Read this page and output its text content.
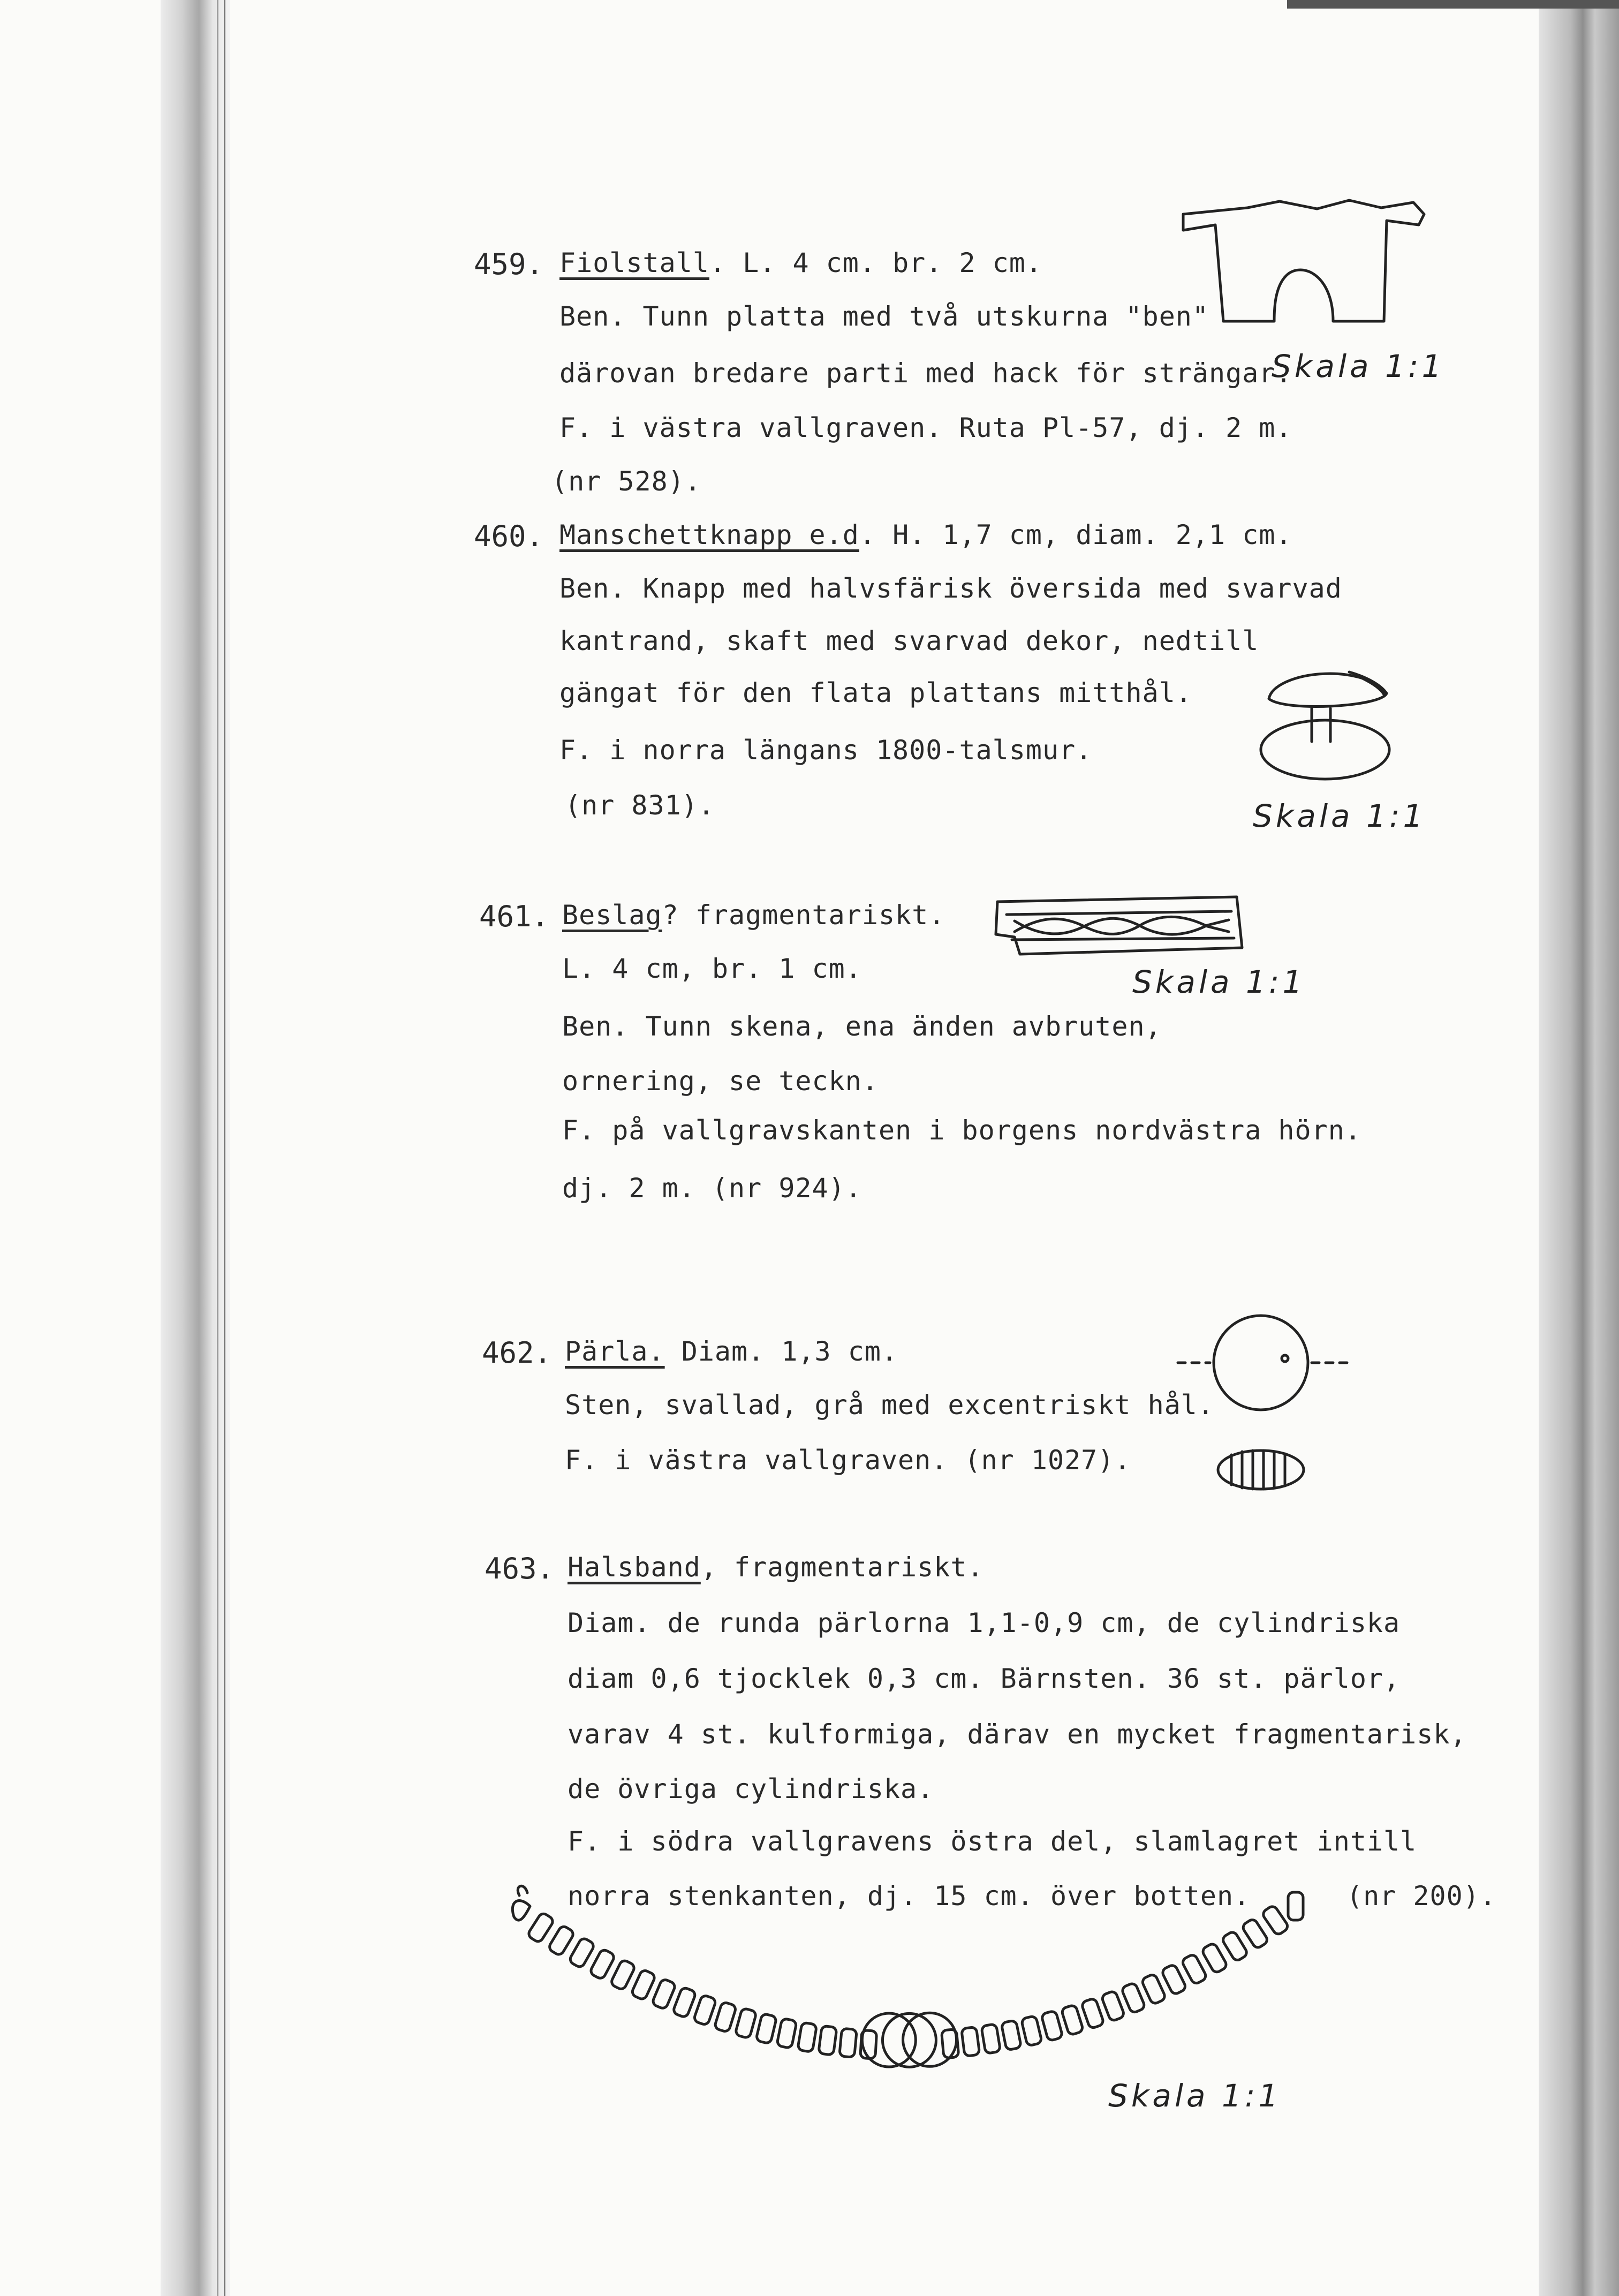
459. Fiolstall. L. 4 cm. br. 2 cm.
Ben. Tunn platta med två utskurna "ben"
därovan bredare parti med hack för strängar.
F. i västra vallgraven. Ruta Pl-57, dj. 2 m.
(nr 528).
Skala 1:1
460. Manschettknapp e.d. H. 1,7 cm, diam. 2,1 cm.
Ben. Knapp med halvsfärisk översida med svarvad
kantrand, skaft med svarvad dekor, nedtill
gängat för den flata plattans mitthål.
F. i norra längans 1800-talsmur.
(nr 831).	Skala 1:1
461. Beslag? fragmentariskt.
L. 4 cm, br. 1 cm.
Ben. Tunn skena, ena änden avbruten,
ornering, se teckn.
F. på vallgravskanten i borgens nordvästra hörn.
dj. 2 m. (nr 924).
Skala 1:1
462. Pärla. Diam. 1,3 cm.
Sten, svallad, grå med excentriskt hål.
F. i västra vallgraven. (nr 1027).
463. Halsband, fragmentariskt.
Diam. de runda pärlorna 1,1-0,9 cm, de cylindriska
diam 0,6 tjocklek 0,3 cm. Bärnsten. 36 st. pärlor,
varav 4 st. kulformiga, därav en mycket fragmentarisk,
de övriga cylindriska.
F. i södra vallgravens östra del, slamlagret intill
norra stenkanten, dj. 15 cm. över botten.	(nr 200).
Skala 1:1
